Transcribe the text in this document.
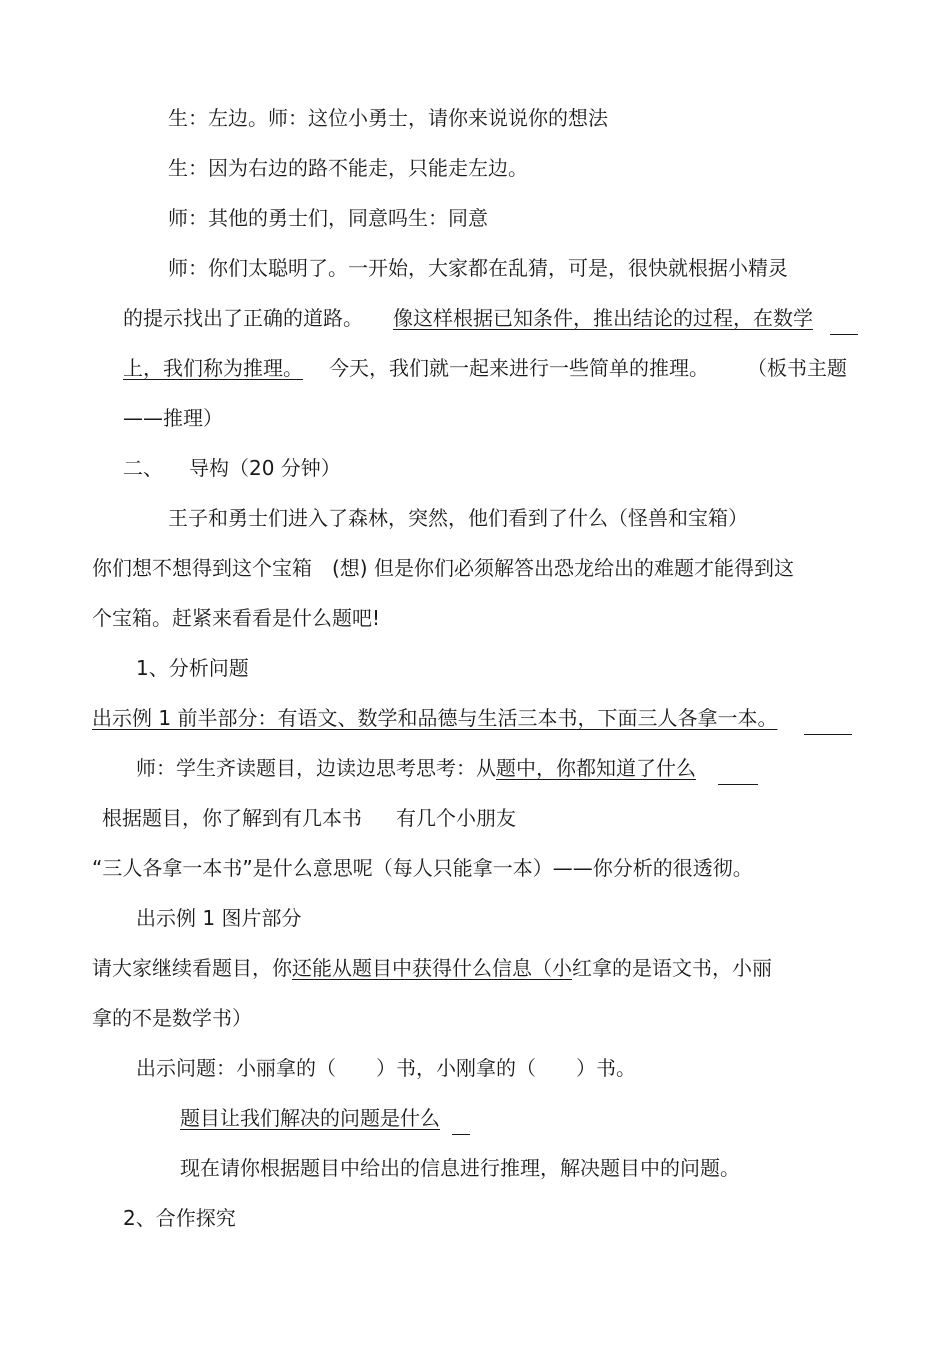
生：左边。师：这位小勇士，请你来说说你的想法
生：因为右边的路不能走，只能走左边。
师：其他的勇士们，同意吗生：同意
师：你们太聪明了。一开始，大家都在乱猜，可是，很快就根据小精灵
的提示找出了正确的道路。 像这样根据已知条件，推出结论的过程，在数学
上，我们称为推理。 今天，我们就一起来进行一些简单的推理。 （板书主题
——推理）
二、 导构（20 分钟）
王子和勇士们进入了森林，突然，他们看到了什么（怪兽和宝箱）
你们想不想得到这个宝箱 (想) 但是你们必须解答出恐龙给出的难题才能得到这
个宝箱。赶紧来看看是什么题吧!
1、分析问题
出示例 1 前半部分：有语文、数学和品德与生活三本书，下面三人各拿一本。
师：学生齐读题目，边读边思考思考：从题中，你都知道了什么
根据题目，你了解到有几本书 有几个小朋友
“三人各拿一本书”是什么意思呢（每人只能拿一本）——你分析的很透彻。
出示例 1 图片部分
请大家继续看题目，你还能从题目中获得什么信息（小红拿的是语文书，小丽
拿的不是数学书）
出示问题：小丽拿的（　　）书，小刚拿的（　　）书。
题目让我们解决的问题是什么
现在请你根据题目中给出的信息进行推理，解决题目中的问题。
2、合作探究
